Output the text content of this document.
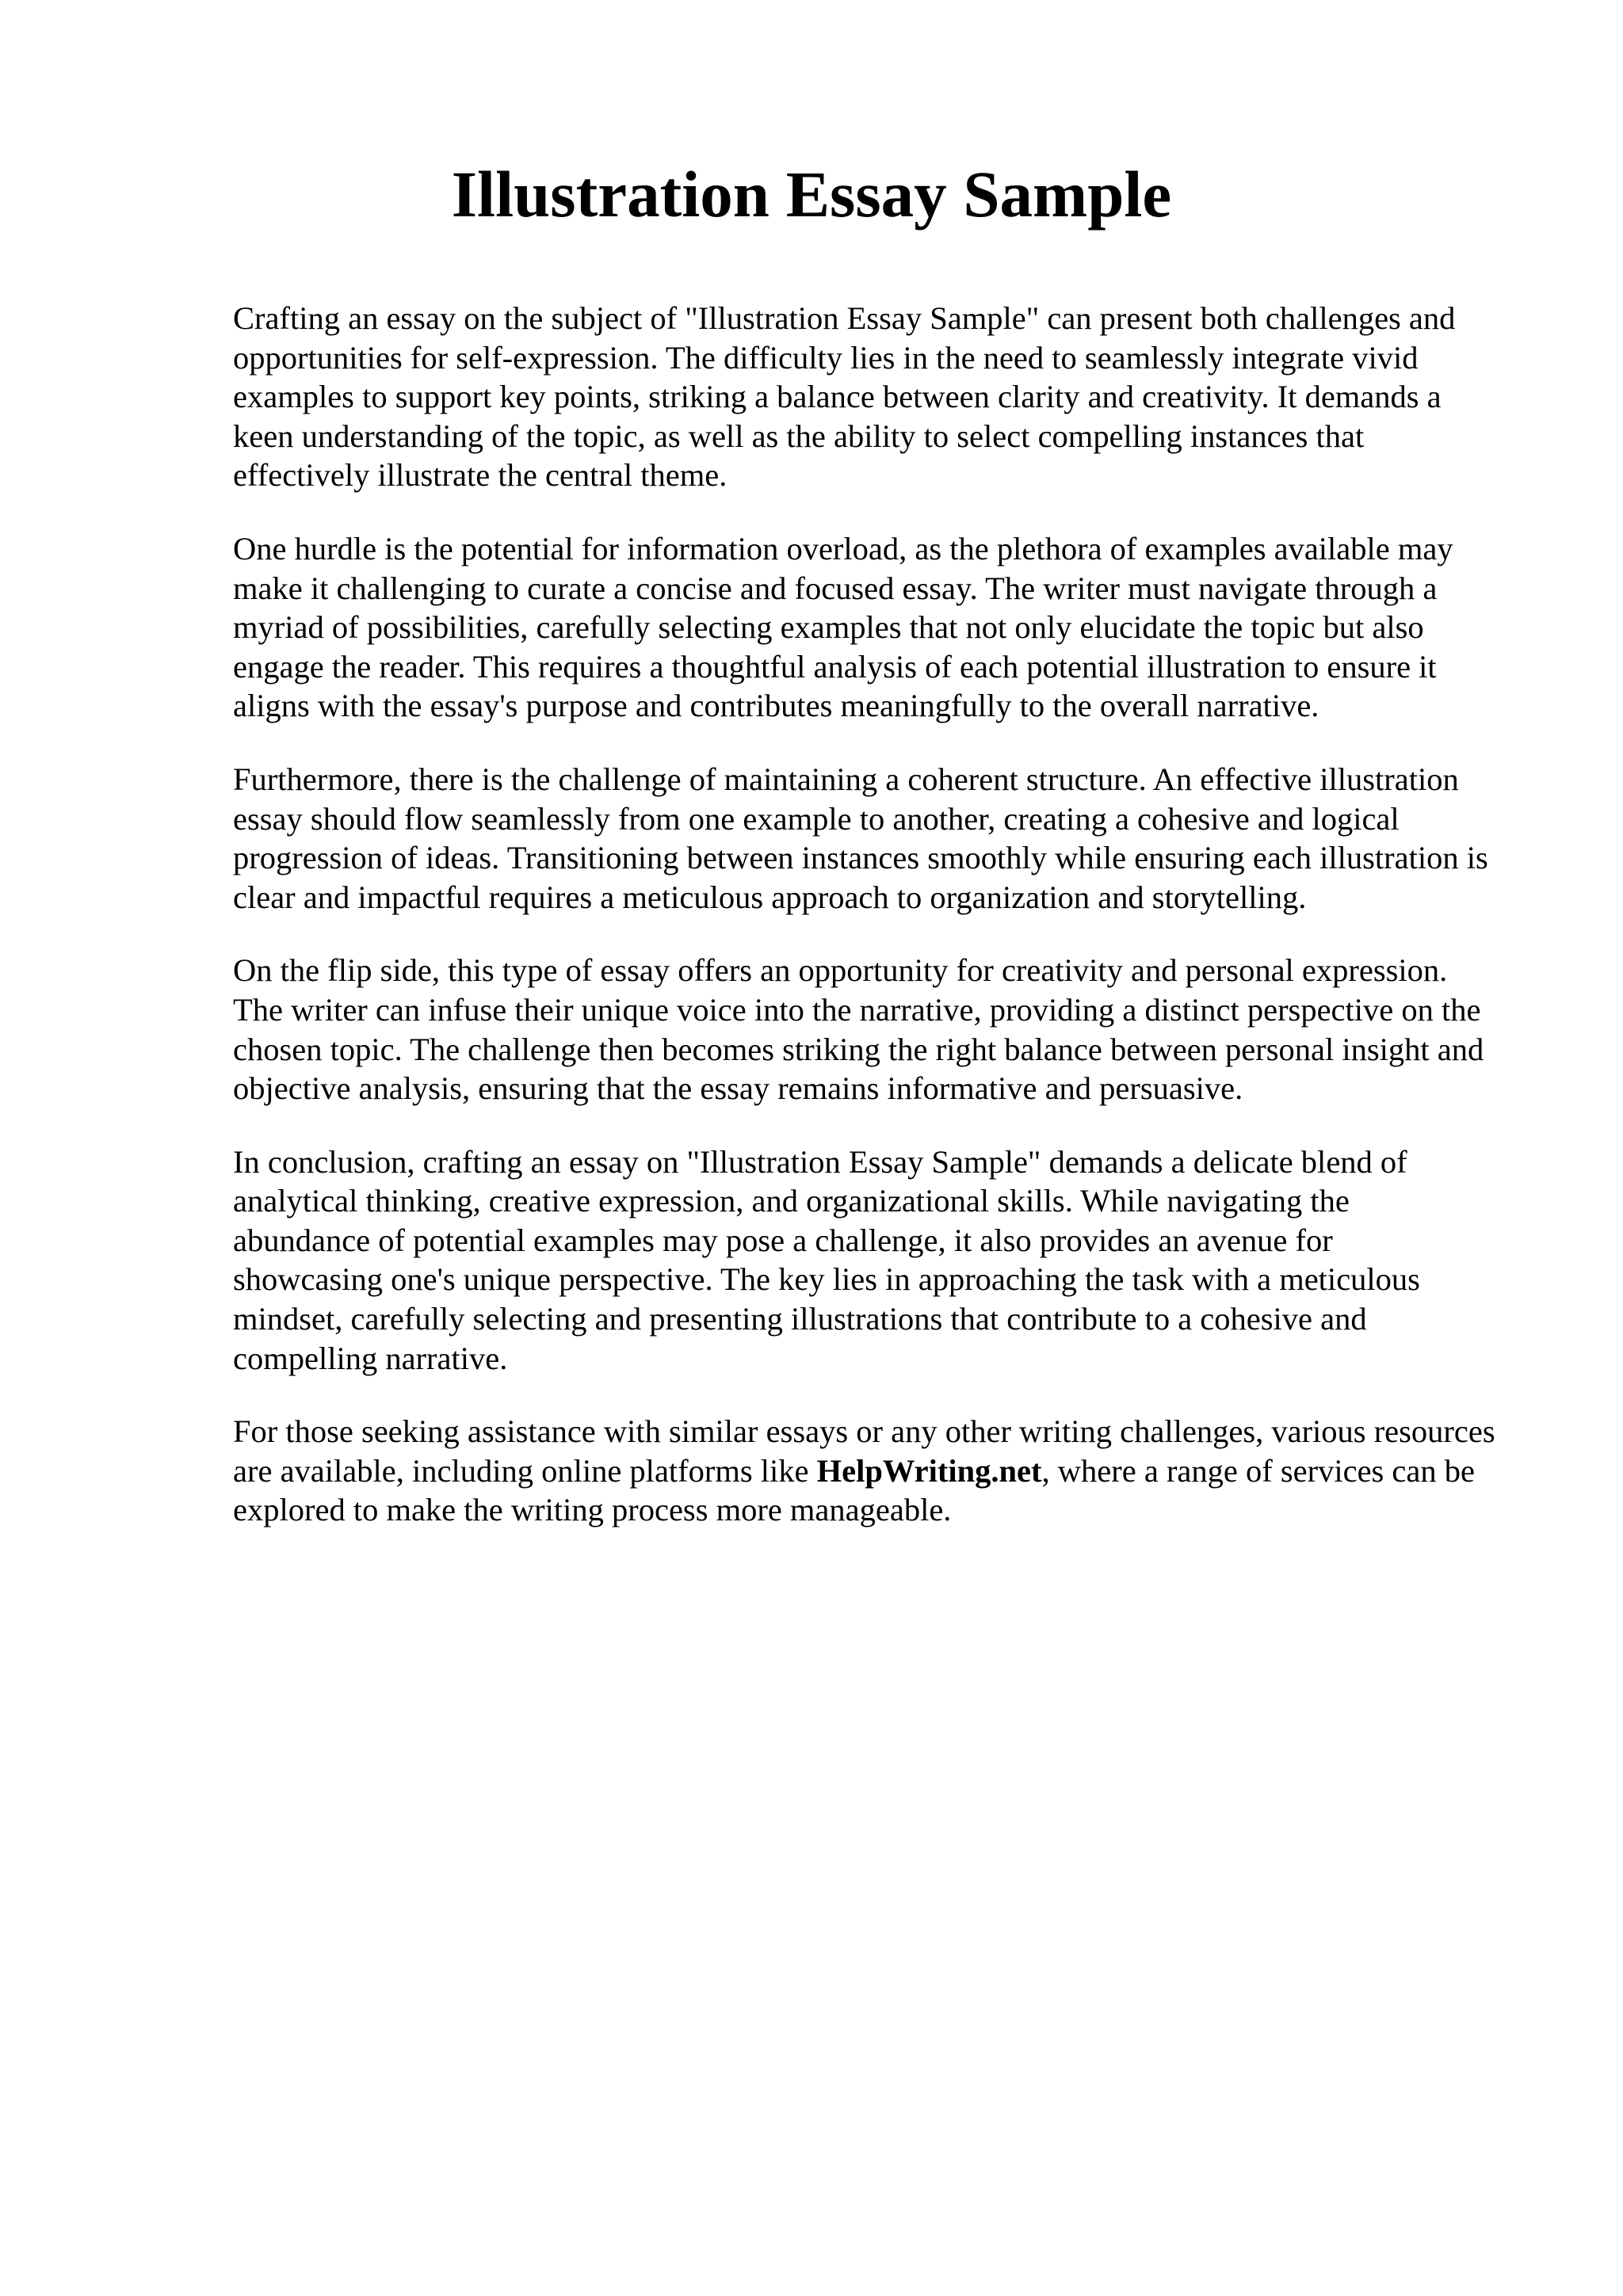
Illustration Essay Sample

Crafting an essay on the subject of "Illustration Essay Sample" can present both challenges and
opportunities for self-expression. The difficulty lies in the need to seamlessly integrate vivid
examples to support key points, striking a balance between clarity and creativity. It demands a
keen understanding of the topic, as well as the ability to select compelling instances that
effectively illustrate the central theme.

One hurdle is the potential for information overload, as the plethora of examples available may
make it challenging to curate a concise and focused essay. The writer must navigate through a
myriad of possibilities, carefully selecting examples that not only elucidate the topic but also
engage the reader. This requires a thoughtful analysis of each potential illustration to ensure it
aligns with the essay's purpose and contributes meaningfully to the overall narrative.

Furthermore, there is the challenge of maintaining a coherent structure. An effective illustration
essay should flow seamlessly from one example to another, creating a cohesive and logical
progression of ideas. Transitioning between instances smoothly while ensuring each illustration is
clear and impactful requires a meticulous approach to organization and storytelling.

On the flip side, this type of essay offers an opportunity for creativity and personal expression.
The writer can infuse their unique voice into the narrative, providing a distinct perspective on the
chosen topic. The challenge then becomes striking the right balance between personal insight and
objective analysis, ensuring that the essay remains informative and persuasive.

In conclusion, crafting an essay on "Illustration Essay Sample" demands a delicate blend of
analytical thinking, creative expression, and organizational skills. While navigating the
abundance of potential examples may pose a challenge, it also provides an avenue for
showcasing one's unique perspective. The key lies in approaching the task with a meticulous
mindset, carefully selecting and presenting illustrations that contribute to a cohesive and
compelling narrative.

For those seeking assistance with similar essays or any other writing challenges, various resources
are available, including online platforms like HelpWriting.net, where a range of services can be
explored to make the writing process more manageable.
